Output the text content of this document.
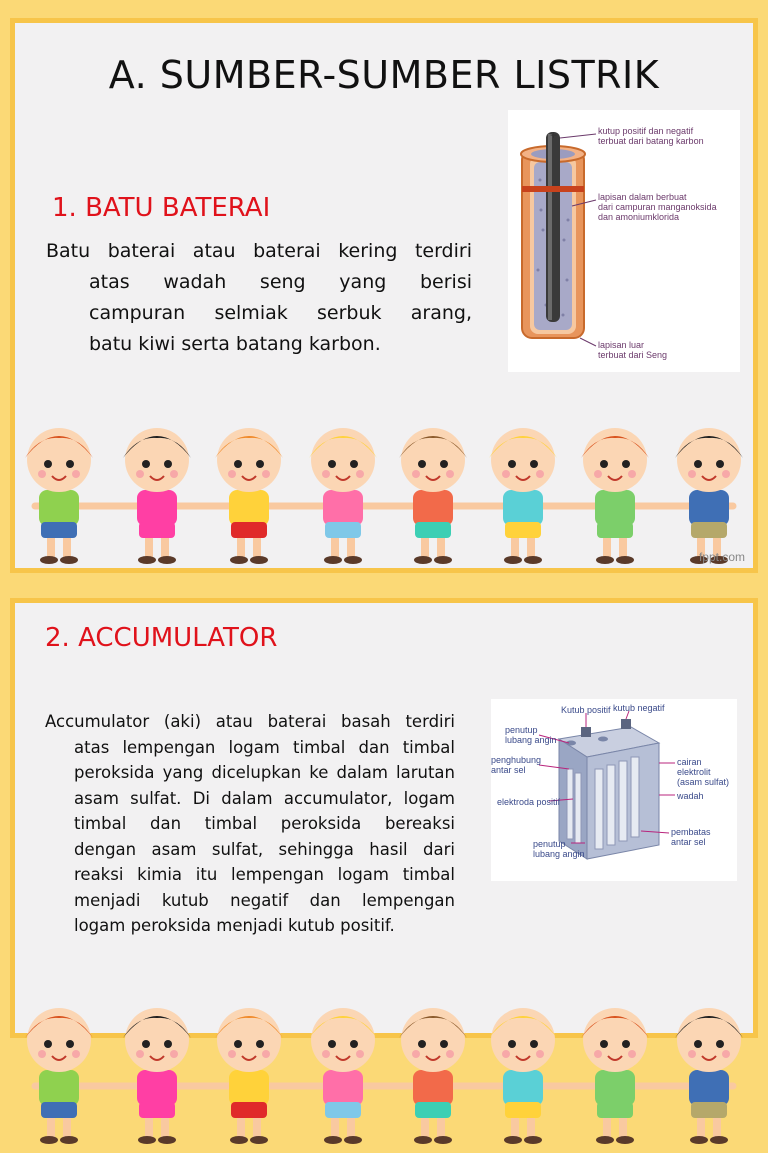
A. SUMBER-SUMBER LISTRIK
1. BATU BATERAI
Batu baterai atau baterai kering terdiri
atas wadah seng yang berisi
campuran selmiak serbuk arang,
batu kiwi serta batang karbon.
+	kutup positif dan negatif
terbuat dari batang karbon
lapisan dalam berbuat
dari campuran manganoksida
dan amoniumklorida
lapisan luar
terbuat dari Seng
fppt.com
2. ACCUMULATOR
Accumulator (aki) atau baterai basah terdiri
atas lempengan logam timbal dan timbal
peroksida yang dicelupkan ke dalam larutan
asam sulfat. Di dalam accumulator, logam
timbal dan timbal peroksida bereaksi
dengan asam sulfat, sehingga hasil dari
reaksi kimia itu lempengan logam timbal
menjadi kutub negatif dan lempengan
logam peroksida menjadi kutub positif.
Kutub positif kutub negatif
penutup
lubang angin
penghubung
antar sel
cairan elektrolit (asam sulfat)
elektroda positif
wadah
pembatas
antar sel
penutup
lubang angin
